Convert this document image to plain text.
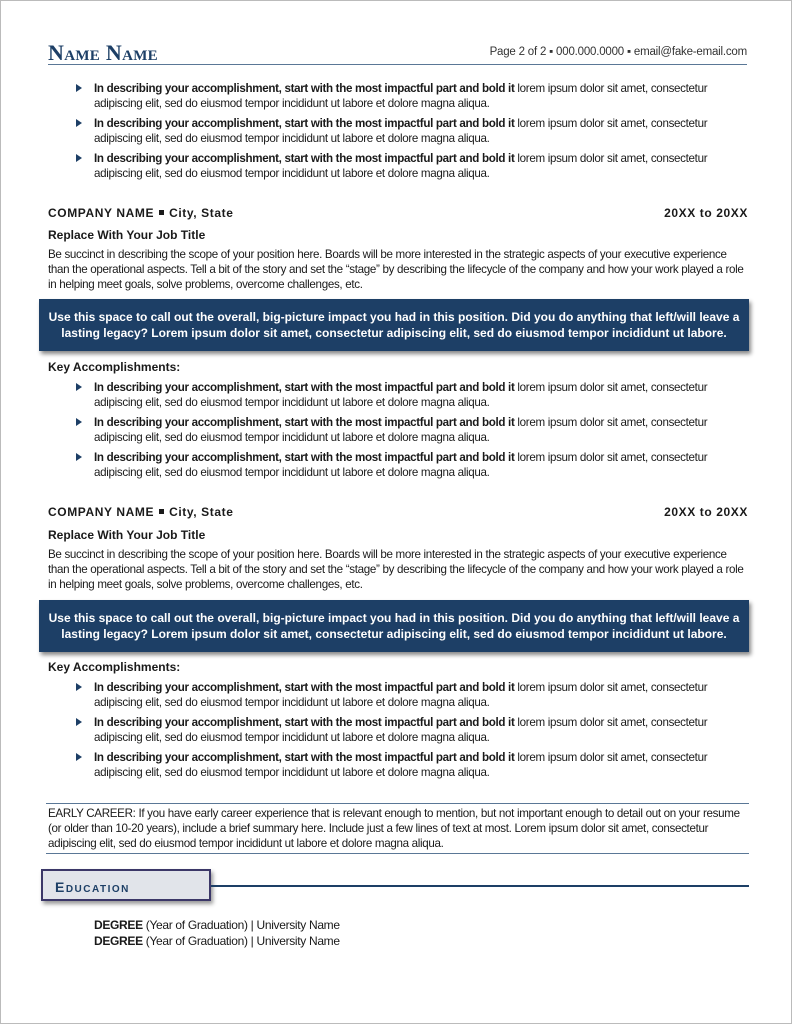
Name Name	Page 2 of 2 ▪ 000.000.0000 ▪ email@fake-email.com
In describing your accomplishment, start with the most impactful part and bold it lorem ipsum dolor sit amet, consectetur adipiscing elit, sed do eiusmod tempor incididunt ut labore et dolore magna aliqua.
In describing your accomplishment, start with the most impactful part and bold it lorem ipsum dolor sit amet, consectetur adipiscing elit, sed do eiusmod tempor incididunt ut labore et dolore magna aliqua.
In describing your accomplishment, start with the most impactful part and bold it lorem ipsum dolor sit amet, consectetur adipiscing elit, sed do eiusmod tempor incididunt ut labore et dolore magna aliqua.
COMPANY NAME City, State	20XX to 20XX
Replace With Your Job Title
Be succinct in describing the scope of your position here. Boards will be more interested in the strategic aspects of your executive experience than the operational aspects. Tell a bit of the story and set the “stage” by describing the lifecycle of the company and how your work played a role in helping meet goals, solve problems, overcome challenges, etc.
Use this space to call out the overall, big-picture impact you had in this position. Did you do anything that left/will leave a lasting legacy? Lorem ipsum dolor sit amet, consectetur adipiscing elit, sed do eiusmod tempor incididunt ut labore.
Key Accomplishments:
In describing your accomplishment, start with the most impactful part and bold it lorem ipsum dolor sit amet, consectetur adipiscing elit, sed do eiusmod tempor incididunt ut labore et dolore magna aliqua.
In describing your accomplishment, start with the most impactful part and bold it lorem ipsum dolor sit amet, consectetur adipiscing elit, sed do eiusmod tempor incididunt ut labore et dolore magna aliqua.
In describing your accomplishment, start with the most impactful part and bold it lorem ipsum dolor sit amet, consectetur adipiscing elit, sed do eiusmod tempor incididunt ut labore et dolore magna aliqua.
COMPANY NAME City, State	20XX to 20XX
Replace With Your Job Title
Be succinct in describing the scope of your position here. Boards will be more interested in the strategic aspects of your executive experience than the operational aspects. Tell a bit of the story and set the “stage” by describing the lifecycle of the company and how your work played a role in helping meet goals, solve problems, overcome challenges, etc.
Use this space to call out the overall, big-picture impact you had in this position. Did you do anything that left/will leave a lasting legacy? Lorem ipsum dolor sit amet, consectetur adipiscing elit, sed do eiusmod tempor incididunt ut labore.
Key Accomplishments:
In describing your accomplishment, start with the most impactful part and bold it lorem ipsum dolor sit amet, consectetur adipiscing elit, sed do eiusmod tempor incididunt ut labore et dolore magna aliqua.
In describing your accomplishment, start with the most impactful part and bold it lorem ipsum dolor sit amet, consectetur adipiscing elit, sed do eiusmod tempor incididunt ut labore et dolore magna aliqua.
In describing your accomplishment, start with the most impactful part and bold it lorem ipsum dolor sit amet, consectetur adipiscing elit, sed do eiusmod tempor incididunt ut labore et dolore magna aliqua.
EARLY CAREER: If you have early career experience that is relevant enough to mention, but not important enough to detail out on your resume (or older than 10-20 years), include a brief summary here. Include just a few lines of text at most. Lorem ipsum dolor sit amet, consectetur adipiscing elit, sed do eiusmod tempor incididunt ut labore et dolore magna aliqua.
Education
DEGREE (Year of Graduation) | University Name
DEGREE (Year of Graduation) | University Name
